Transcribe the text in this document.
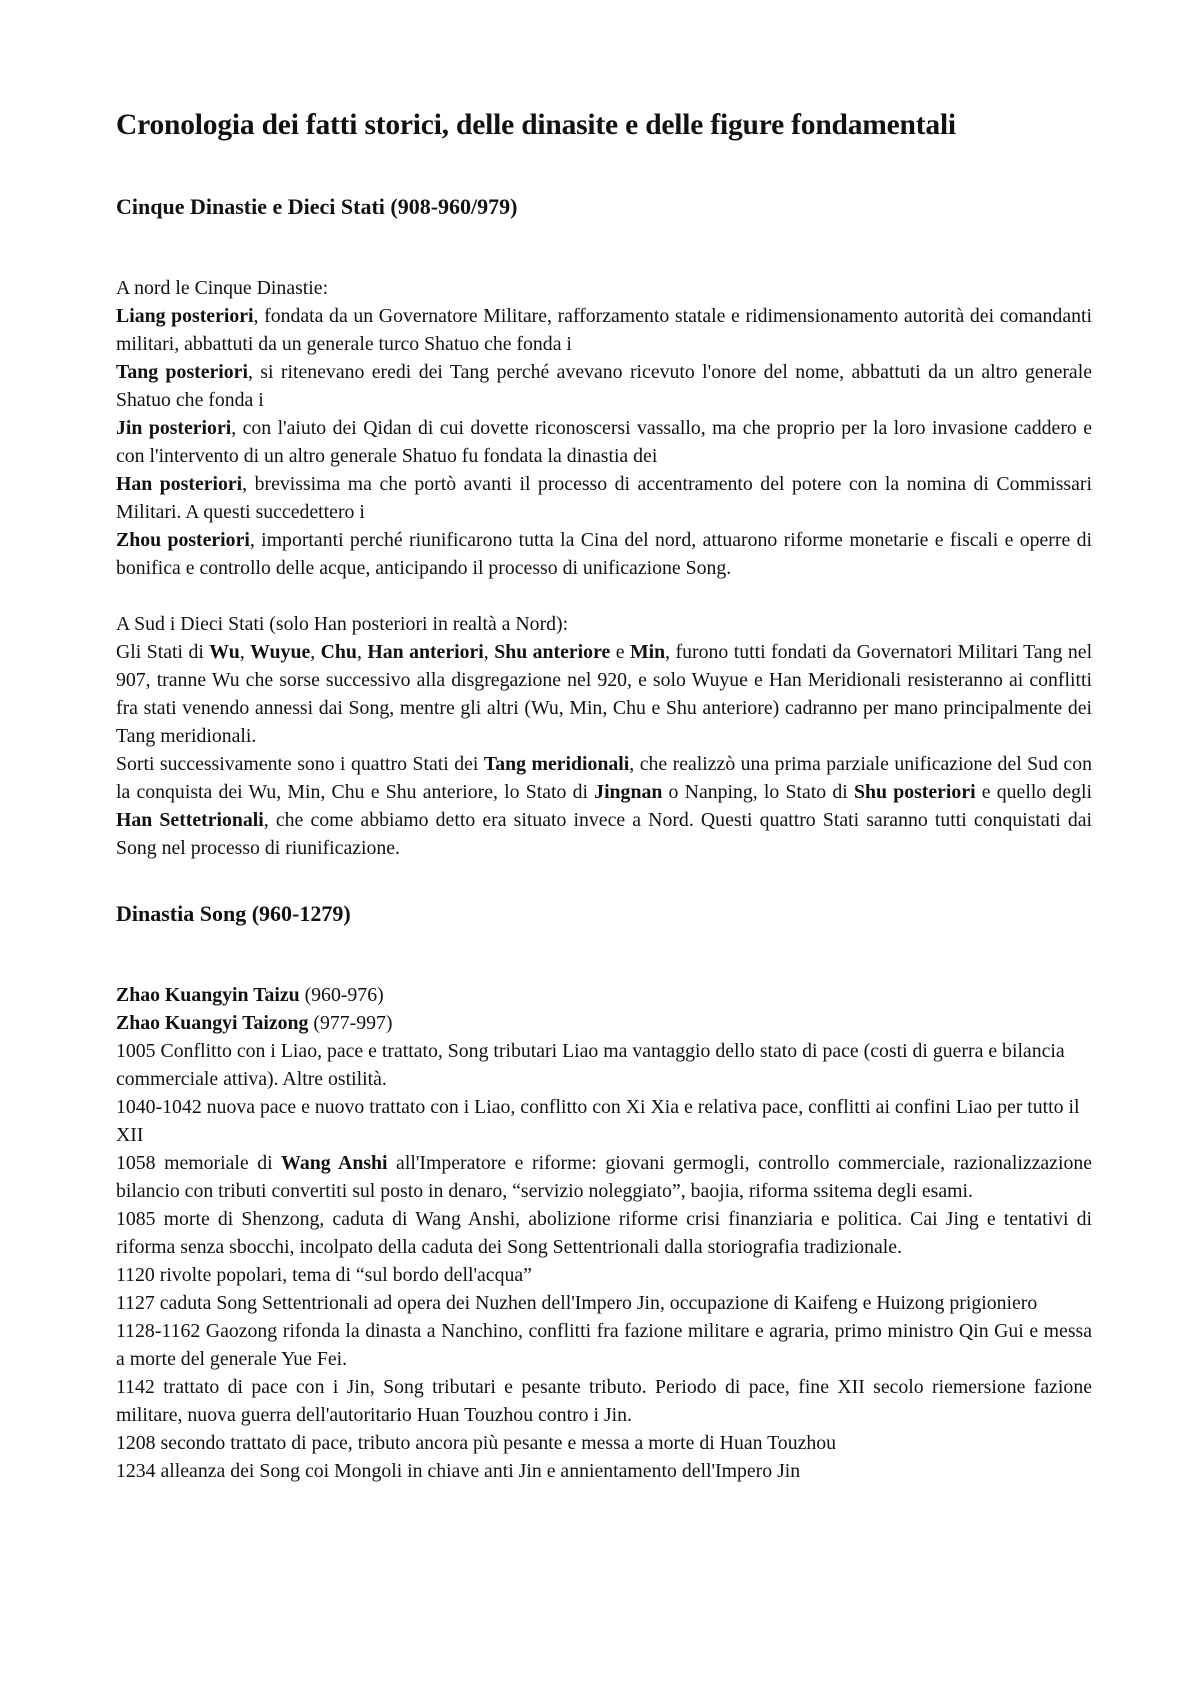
Cronologia dei fatti storici, delle dinasite e delle figure fondamentali
Cinque Dinastie e Dieci Stati (908-960/979)

A nord le Cinque Dinastie:

Liang posteriori, fondata da un Governatore Militare, rafforzamento statale e ridimensionamento autorità dei comandanti militari, abbattuti da un generale turco Shatuo che fonda i

Tang posteriori, si ritenevano eredi dei Tang perché avevano ricevuto l'onore del nome, abbattuti da un altro generale Shatuo che fonda i

Jin posteriori, con l'aiuto dei Qidan di cui dovette riconoscersi vassallo, ma che proprio per la loro invasione caddero e con l'intervento di un altro generale Shatuo fu fondata la dinastia dei

Han posteriori, brevissima ma che portò avanti il processo di accentramento del potere con la nomina di Commissari Militari. A questi succedettero i

Zhou posteriori, importanti perché riunificarono tutta la Cina del nord, attuarono riforme monetarie e fiscali e operre di bonifica e controllo delle acque, anticipando il processo di unificazione Song.

A Sud i Dieci Stati (solo Han posteriori in realtà a Nord):

Gli Stati di Wu, Wuyue, Chu, Han anteriori, Shu anteriore e Min, furono tutti fondati da Governatori Militari Tang nel 907, tranne Wu che sorse successivo alla disgregazione nel 920, e solo Wuyue e Han Meridionali resisteranno ai conflitti fra stati venendo annessi dai Song, mentre gli altri (Wu, Min, Chu e Shu anteriore) cadranno per mano principalmente dei Tang meridionali.

Sorti successivamente sono i quattro Stati dei Tang meridionali, che realizzò una prima parziale unificazione del Sud con la conquista dei Wu, Min, Chu e Shu anteriore, lo Stato di Jingnan o Nanping, lo Stato di Shu posteriori e quello degli Han Settetrionali, che come abbiamo detto era situato invece a Nord. Questi quattro Stati saranno tutti conquistati dai Song nel processo di riunificazione.

Dinastia Song (960-1279)

Zhao Kuangyin Taizu (960-976)

Zhao Kuangyi Taizong (977-997)

1005 Conflitto con i Liao, pace e trattato, Song tributari Liao ma vantaggio dello stato di pace (costi di guerra e bilancia commerciale attiva). Altre ostilità.

1040-1042 nuova pace e nuovo trattato con i Liao, conflitto con Xi Xia e relativa pace, conflitti ai confini Liao per tutto il XII

1058 memoriale di Wang Anshi all'Imperatore e riforme: giovani germogli, controllo commerciale, razionalizzazione bilancio con tributi convertiti sul posto in denaro, “servizio noleggiato”, baojia, riforma ssitema degli esami.

1085 morte di Shenzong, caduta di Wang Anshi, abolizione riforme crisi finanziaria e politica. Cai Jing e tentativi di riforma senza sbocchi, incolpato della caduta dei Song Settentrionali dalla storiografia tradizionale.

1120 rivolte popolari, tema di “sul bordo dell'acqua”

1127 caduta Song Settentrionali ad opera dei Nuzhen dell'Impero Jin, occupazione di Kaifeng e Huizong prigioniero

1128-1162 Gaozong rifonda la dinasta a Nanchino, conflitti fra fazione militare e agraria, primo ministro Qin Gui e messa a morte del generale Yue Fei.

1142 trattato di pace con i Jin, Song tributari e pesante tributo. Periodo di pace, fine XII secolo riemersione fazione militare, nuova guerra dell'autoritario Huan Touzhou contro i Jin.

1208 secondo trattato di pace, tributo ancora più pesante e messa a morte di Huan Touzhou

1234 alleanza dei Song coi Mongoli in chiave anti Jin e annientamento dell'Impero Jin
